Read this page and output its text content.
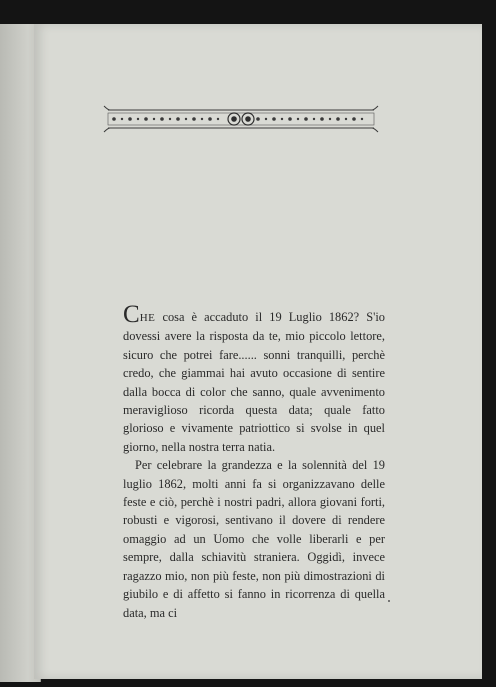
CHE cosa è accaduto il 19 Luglio 1862? S'io dovessi avere la risposta da te, mio piccolo lettore, sicuro che potrei fare...... sonni tranquilli, perchè credo, che giammai hai avuto occasione di sentire dalla bocca di color che sanno, quale avvenimento meraviglioso ricorda questa data; quale fatto glorioso e vivamente patriottico si svolse in quel giorno, nella nostra terra natia.

Per celebrare la grandezza e la solennità del 19 luglio 1862, molti anni fa si organizzavano delle feste e ciò, perchè i nostri padri, allora giovani forti, robusti e vigorosi, sentivano il dovere di rendere omaggio ad un Uomo che volle liberarli e per sempre, dalla schiavitù straniera. Oggidì, invece ragazzo mio, non più feste, non più dimostrazioni di giubilo e di affetto si fanno in ricorrenza di quella data, ma ci
